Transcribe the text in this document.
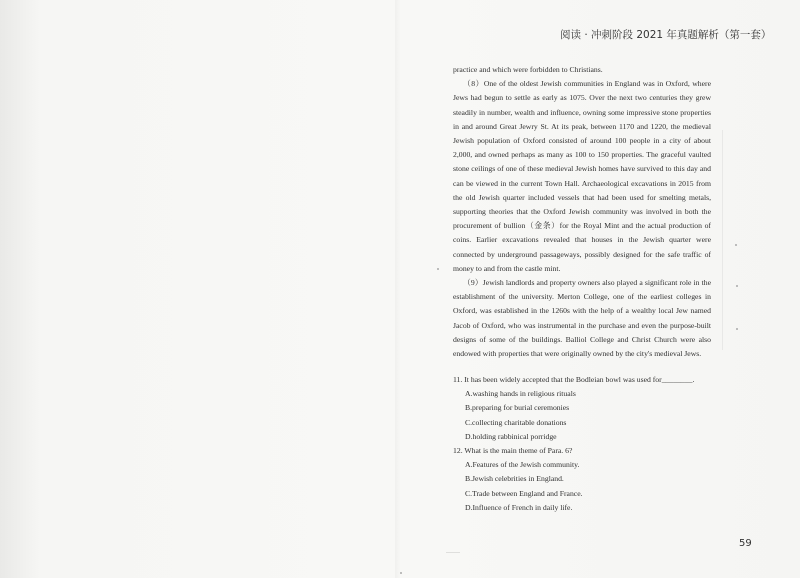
阅读 · 冲刺阶段 2021 年真题解析（第一套）

practice and which were forbidden to Christians.

（8）One of the oldest Jewish communities in England was in Oxford, where Jews had begun to settle as early as 1075. Over the next two centuries they grew steadily in number, wealth and influence, owning some impressive stone properties in and around Great Jewry St. At its peak, between 1170 and 1220, the medieval Jewish population of Oxford consisted of around 100 people in a city of about 2,000, and owned perhaps as many as 100 to 150 properties. The graceful vaulted stone ceilings of one of these medieval Jewish homes have survived to this day and can be viewed in the current Town Hall. Archaeological excavations in 2015 from the old Jewish quarter included vessels that had been used for smelting metals, supporting theories that the Oxford Jewish community was involved in both the procurement of bullion（金条）for the Royal Mint and the actual production of coins. Earlier excavations revealed that houses in the Jewish quarter were connected by underground passageways, possibly designed for the safe traffic of money to and from the castle mint.

（9）Jewish landlords and property owners also played a significant role in the establishment of the university. Merton College, one of the earliest colleges in Oxford, was established in the 1260s with the help of a wealthy local Jew named Jacob of Oxford, who was instrumental in the purchase and even the purpose-built designs of some of the buildings. Balliol College and Christ Church were also endowed with properties that were originally owned by the city's medieval Jews.

11. It has been widely accepted that the Bodleian bowl was used for________.

A.washing hands in religious rituals

B.preparing for burial ceremonies

C.collecting charitable donations

D.holding rabbinical porridge

12. What is the main theme of Para. 6?

A.Features of the Jewish community.

B.Jewish celebrities in England.

C.Trade between England and France.

D.Influence of French in daily life.

59
